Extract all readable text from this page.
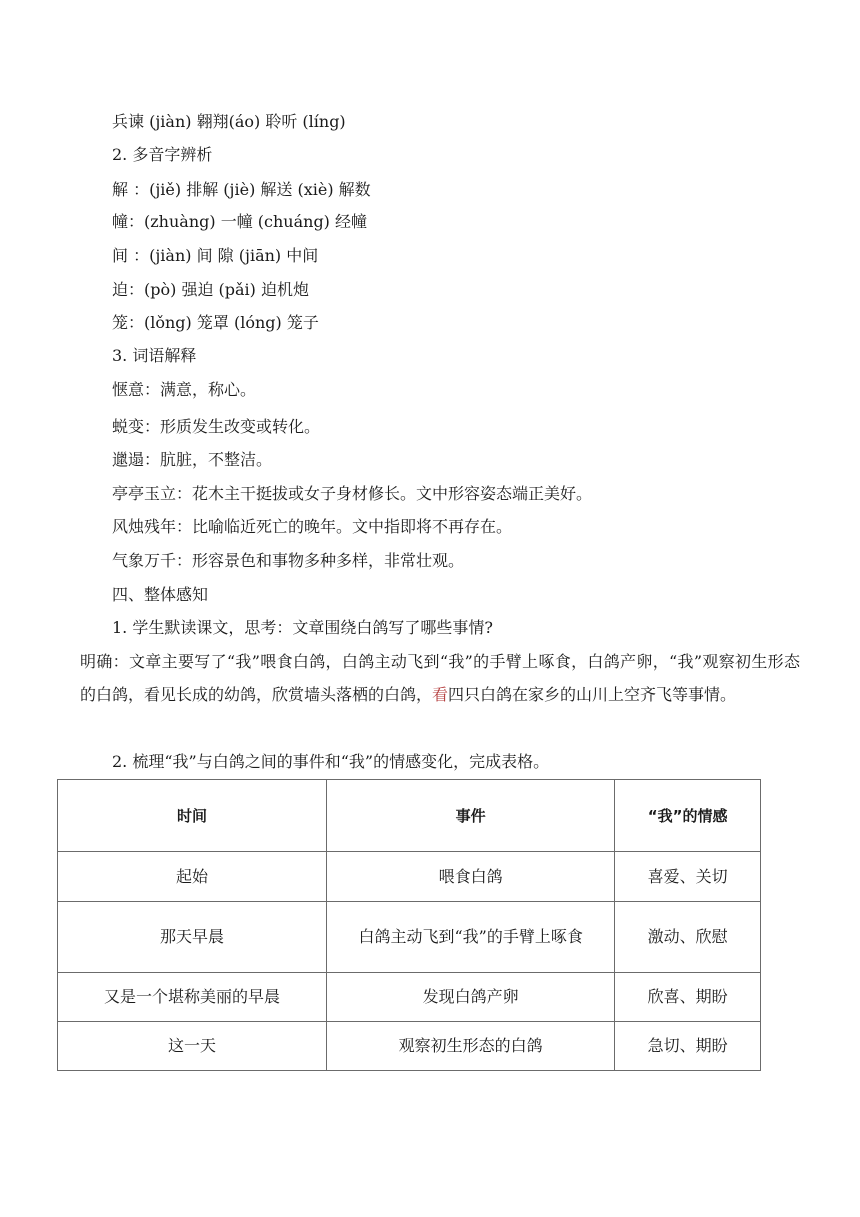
兵谏 (jiàn) 翱翔(áo) 聆听 (líng)
2. 多音字辨析
解 ：(jiě) 排解 (jiè) 解送 (xiè) 解数
幢：(zhuàng) 一幢 (chuáng) 经幢
间 ：(jiàn) 间 隙 (jiān) 中间
迫：(pò) 强迫 (pǎi) 迫机炮
笼：(lǒng) 笼罩 (lóng) 笼子
3. 词语解释
惬意：满意，称心。
蜕变：形质发生改变或转化。
邋遢：肮脏，不整洁。
亭亭玉立：花木主干挺拔或女子身材修长。文中形容姿态端正美好。
风烛残年：比喻临近死亡的晚年。文中指即将不再存在。
气象万千：形容景色和事物多种多样，非常壮观。
四、整体感知
1. 学生默读课文，思考：文章围绕白鸽写了哪些事情?
明确：文章主要写了“我”喂食白鸽，白鸽主动飞到“我”的手臂上啄食，白鸽产卵，“我”观察初生形态的白鸽，看见长成的幼鸽，欣赏墙头落栖的白鸽，看四只白鸽在家乡的山川上空齐飞等事情。
2. 梳理“我”与白鸽之间的事件和“我”的情感变化，完成表格。
时间	事件	“我”的情感
起始	喂食白鸽	喜爱、关切
那天早晨	白鸽主动飞到“我”的手臂上啄食	激动、欣慰
又是一个堪称美丽的早晨	发现白鸽产卵	欣喜、期盼
这一天	观察初生形态的白鸽	急切、期盼
